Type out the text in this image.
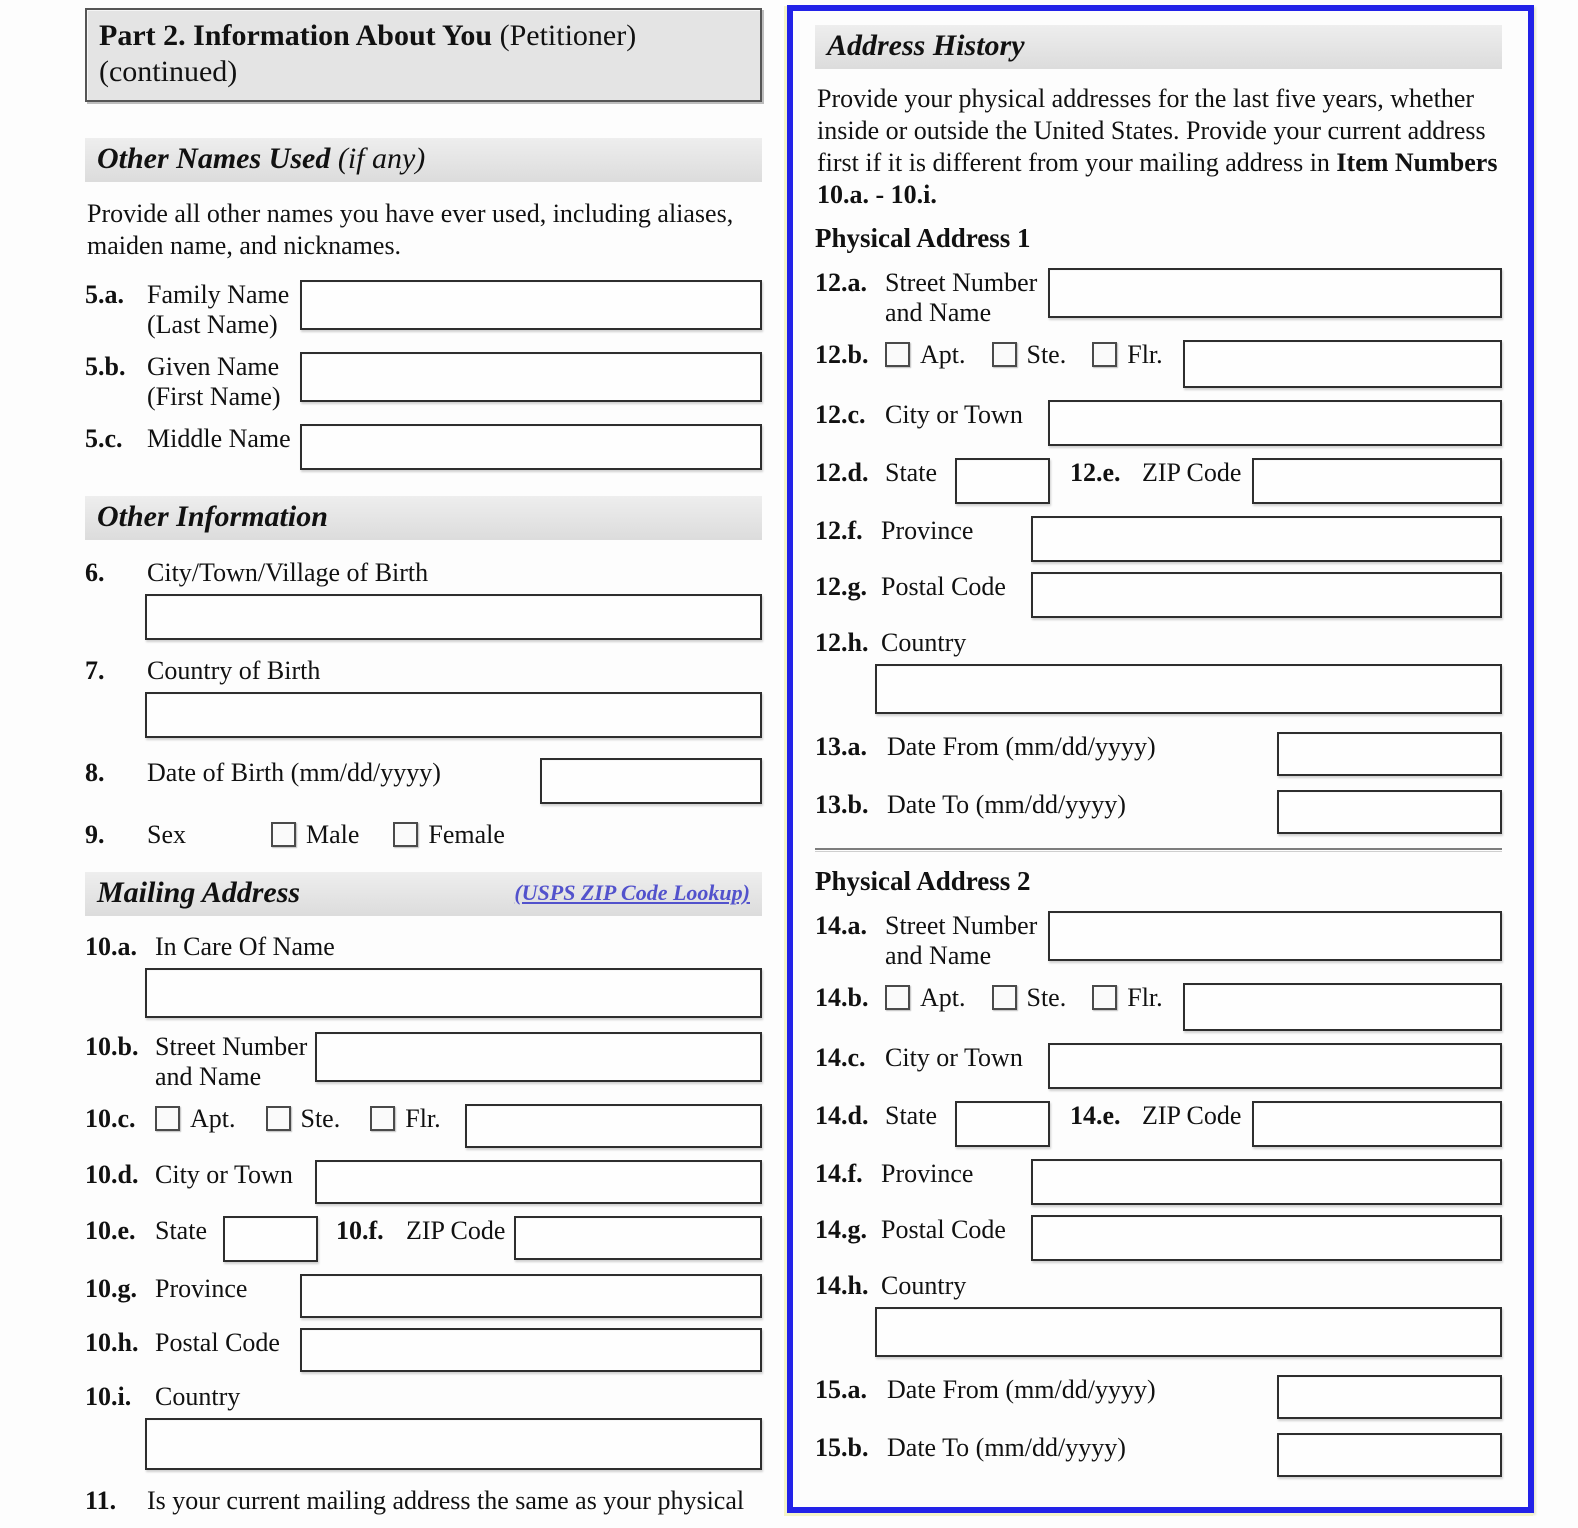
Part 2. Information About You (Petitioner)
(continued)
Other Names Used (if any)
Provide all other names you have ever used, including aliases, maiden name, and nicknames.
5.a. Family Name
(Last Name)
5.b. Given Name
(First Name)
5.c. Middle Name
Other Information
6.	City/Town/Village of Birth
7.	Country of Birth
8.	Date of Birth (mm/dd/yyyy)
9.	Sex	Male	Female
Mailing Address	(USPS ZIP Code Lookup)
10.a. In Care Of Name
10.b. Street Number
and Name
10.c.	Apt.	Ste.	Flr.
10.d. City or Town
10.e. State	10.f. ZIP Code
10.g. Province
10.h. Postal Code
10.i. Country
11.	Is your current mailing address the same as your physical
Address History
Provide your physical addresses for the last five years, whether inside or outside the United States. Provide your current address first if it is different from your mailing address in Item Numbers 10.a. - 10.i.
Physical Address 1
12.a. Street Number
and Name
12.b.	Apt. Ste. Flr.
12.c. City or Town
12.d. State	12.e. ZIP Code
12.f. Province
12.g. Postal Code
12.h. Country
13.a. Date From (mm/dd/yyyy)
13.b. Date To (mm/dd/yyyy)
Physical Address 2
14.a. Street Number
and Name
14.b.	Apt. Ste. Flr.
14.c. City or Town
14.d. State	14.e. ZIP Code
14.f. Province
14.g. Postal Code
14.h. Country
15.a. Date From (mm/dd/yyyy)
15.b. Date To (mm/dd/yyyy)
